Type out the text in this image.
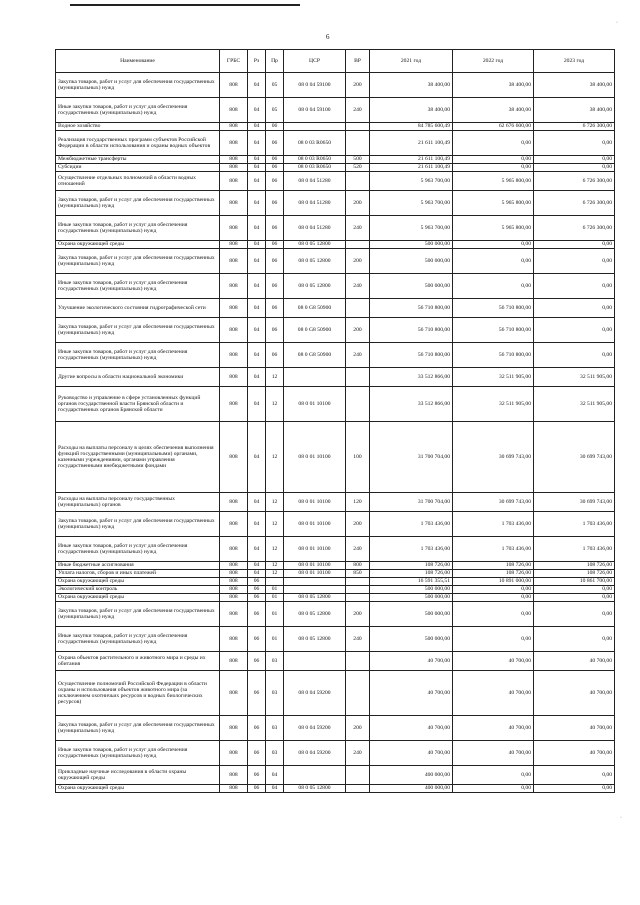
6
Наименование	ГРБС	Рз	Пр	ЦСР	ВР	2021 год	2022 год	2023 год
Закупка товаров, работ и услуг для обеспечения государственных (муниципальных) нужд	808	04	05	08 0 04 59100	200	38 400,00	38 400,00	38 400,00
Иные закупки товаров, работ и услуг для обеспечения государственных (муниципальных) нужд	808	04	05	08 0 04 59100	240	38 400,00	38 400,00	38 400,00
Водное хозяйство	808	04	06			84 785 600,49	62 676 600,00	6 726 300,00
Реализация государственных программ субъектов Российской Федерации в области использования и охраны водных объектов	808	04	06	08 0 03 R0650		21 611 100,49	0,00	0,00
Межбюджетные трансферты	808	04	06	08 0 03 R0650	500	21 611 100,49	0,00	0,00
Субсидии	808	04	06	08 0 03 R0650	520	21 611 100,49	0,00	0,00
Осуществление отдельных полномочий в области водных отношений	808	04	06	08 0 04 51280		5 963 700,00	5 965 800,00	6 726 300,00
Закупка товаров, работ и услуг для обеспечения государственных (муниципальных) нужд	808	04	06	08 0 04 51280	200	5 963 700,00	5 965 800,00	6 726 300,00
Иные закупки товаров, работ и услуг для обеспечения государственных (муниципальных) нужд	808	04	06	08 0 04 51280	240	5 963 700,00	5 965 800,00	6 726 300,00
Охрана окружающей среды	808	04	06	08 0 05 12800		500 000,00	0,00	0,00
Закупка товаров, работ и услуг для обеспечения государственных (муниципальных) нужд	808	04	06	08 0 05 12800	200	500 000,00	0,00	0,00
Иные закупки товаров, работ и услуг для обеспечения государственных (муниципальных) нужд	808	04	06	08 0 05 12800	240	500 000,00	0,00	0,00
Улучшение экологического состояния гидрографической сети	808	04	06	08 0 G8 50900		56 710 800,00	56 710 800,00	0,00
Закупка товаров, работ и услуг для обеспечения государственных (муниципальных) нужд	808	04	06	08 0 G8 50900	200	56 710 800,00	56 710 800,00	0,00
Иные закупки товаров, работ и услуг для обеспечения государственных (муниципальных) нужд	808	04	06	08 0 G8 50900	240	56 710 800,00	56 710 800,00	0,00
Другие вопросы в области национальной экономики	808	04	12			33 512 866,00	32 511 905,00	32 511 905,00
Руководство и управление в сфере установленных функций органов государственной власти Брянской области и государственных органов Брянской области	808	04	12	08 0 01 10100		33 512 866,00	32 511 905,00	32 511 905,00
Расходы на выплаты персоналу в целях обеспечения выполнения функций государственными (муниципальными) органами, казенными учреждениями, органами управления государственными внебюджетными фондами	808	04	12	08 0 01 10100	100	31 700 704,00	30 699 743,00	30 699 743,00
Расходы на выплаты персоналу государственных (муниципальных) органов	808	04	12	08 0 01 10100	120	31 700 704,00	30 699 743,00	30 699 743,00
Закупка товаров, работ и услуг для обеспечения государственных (муниципальных) нужд	808	04	12	08 0 01 10100	200	1 703 436,00	1 703 436,00	1 703 436,00
Иные закупки товаров, работ и услуг для обеспечения государственных (муниципальных) нужд	808	04	12	08 0 01 10100	240	1 703 436,00	1 703 436,00	1 703 436,00
Иные бюджетные ассигнования	808	04	12	08 0 01 10100	800	108 726,00	108 726,00	108 726,00
Уплата налогов, сборов и иных платежей	808	04	12	08 0 01 10100	850	108 726,00	108 726,00	108 726,00
Охрана окружающей среды	808	06				16 591 355,51	10 891 000,00	10 861 700,00
Экологический контроль	808	06	01			500 000,00	0,00	0,00
Охрана окружающей среды	808	06	01	08 0 05 12800		500 000,00	0,00	0,00
Закупка товаров, работ и услуг для обеспечения государственных (муниципальных) нужд	808	06	01	08 0 05 12800	200	500 000,00	0,00	0,00
Иные закупки товаров, работ и услуг для обеспечения государственных (муниципальных) нужд	808	06	01	08 0 05 12800	240	500 000,00	0,00	0,00
Охрана объектов растительного и животного мира и среды их обитания	808	06	03			40 700,00	40 700,00	40 700,00
Осуществление полномочий Российской Федерации в области охраны и использования объектов животного мира (за исключением охотничьих ресурсов и водных биологических ресурсов)	808	06	03	08 0 04 59200		40 700,00	40 700,00	40 700,00
Закупка товаров, работ и услуг для обеспечения государственных (муниципальных) нужд	808	06	03	08 0 04 59200	200	40 700,00	40 700,00	40 700,00
Иные закупки товаров, работ и услуг для обеспечения государственных (муниципальных) нужд	808	06	03	08 0 04 59200	240	40 700,00	40 700,00	40 700,00
Прикладные научные исследования в области охраны окружающей среды	808	06	04			400 000,00	0,00	0,00
Охрана окружающей среды	808	06	04	08 0 05 12800		400 000,00	0,00	0,00
·
·
